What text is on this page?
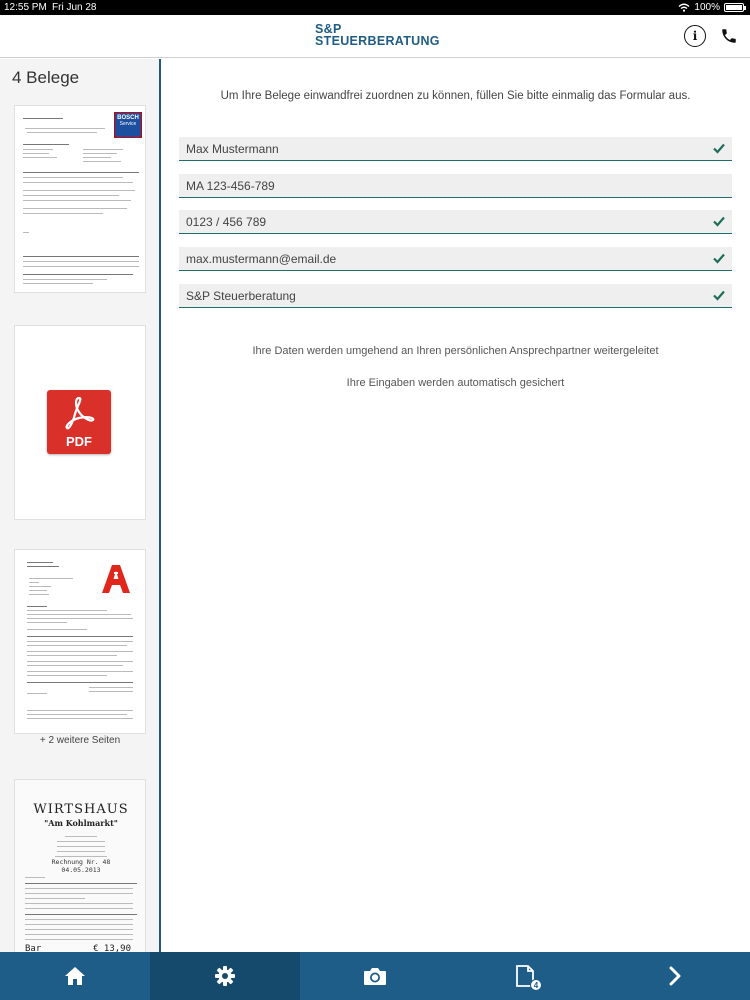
12:55 PM Fri Jun 28	100%
S&P
STEUERBERATUNG	i
4 Belege
BOSCH
Service
PDF
+ 2 weitere Seiten
WIRTSHAUS
"Am Kohlmarkt"
Rechnung Nr. 48
04.05.2013
Bar	€ 13,90
Um Ihre Belege einwandfrei zuordnen zu können, füllen Sie bitte einmalig das Formular aus.
Max Mustermann
MA 123-456-789
0123 / 456 789
max.mustermann@email.de
S&P Steuerberatung
Ihre Daten werden umgehend an Ihren persönlichen Ansprechpartner weitergeleitet
Ihre Eingaben werden automatisch gesichert
4
